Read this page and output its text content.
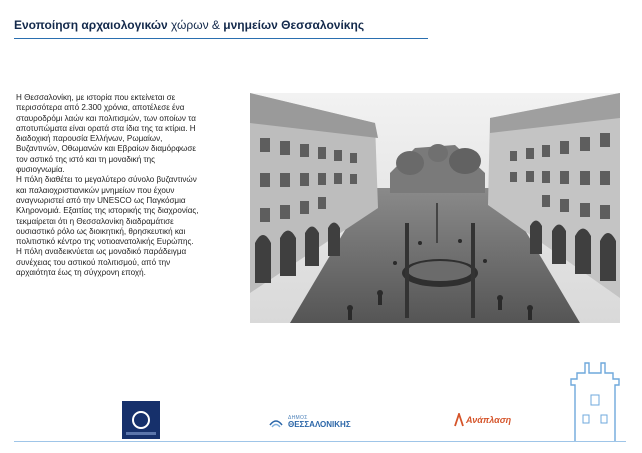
Ενοποίηση αρχαιολογικών χώρων & μνημείων Θεσσαλονίκης

Η Θεσσαλονίκη, με ιστορία που εκτείνεται σε

περισσότερα από 2.300 χρόνια, αποτέλεσε ένα

σταυροδρόμι λαών και πολιτισμών, των οποίων τα

αποτυπώματα είναι ορατά στα ίδια της τα κτίρια. Η

διαδοχική παρουσία Ελλήνων, Ρωμαίων,

Βυζαντινών, Οθωμανών και Εβραίων διαμόρφωσε

τον αστικό της ιστό και τη μοναδική της

φυσιογνωμία.

Η πόλη διαθέτει το μεγαλύτερο σύνολο βυζαντινών

και παλαιοχριστιανικών μνημείων που έχουν

αναγνωριστεί από την UNESCO ως Παγκόσμια

Κληρονομιά. Εξαιτίας της ιστορικής της διαχρονίας,

τεκμαίρεται ότι η Θεσσαλονίκη διαδραμάτισε

ουσιαστικό ρόλο ως διοικητική, θρησκευτική και

πολιτιστικό κέντρο της νοτιοανατολικής Ευρώπης.

Η πόλη αναδεικνύεται ως μοναδικό παράδειγμα

συνέχειας του αστικού πολιτισμού, από την

αρχαιότητα έως τη σύγχρονη εποχή.

ΔΗΜΟΣ
ΘΕΣΣΑΛΟΝΙΚΗΣ	Ανάπλαση
